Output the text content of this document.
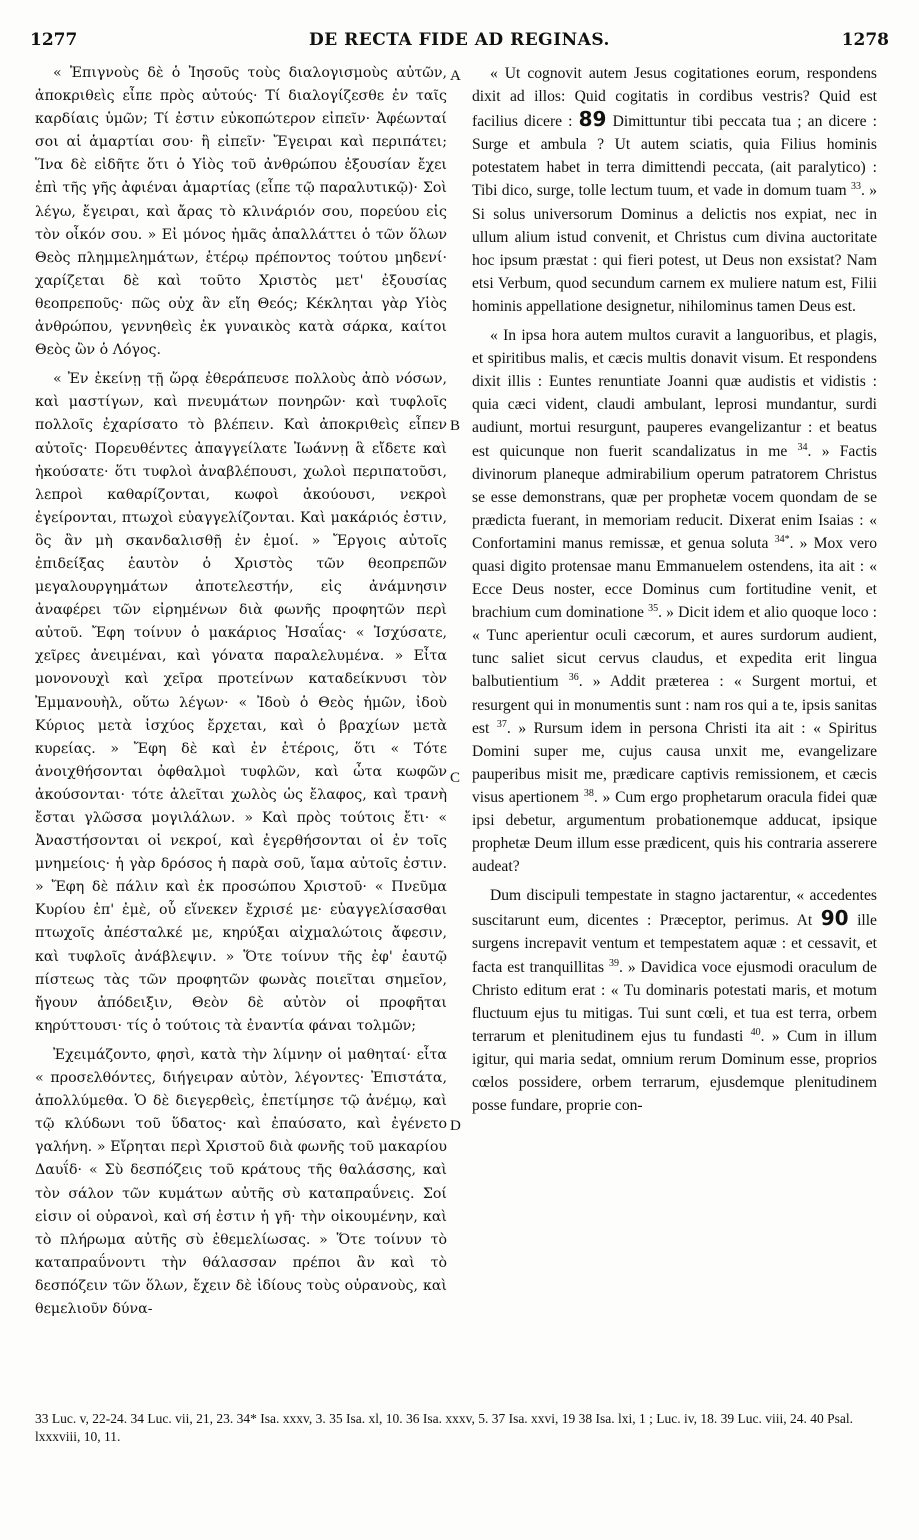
1277	DE RECTA FIDE AD REGINAS.	1278
A
B
C
D

« Ἐπιγνοὺς δὲ ὁ Ἰησοῦς τοὺς διαλογισμοὺς αὐτῶν, ἀποκριθεὶς εἶπε πρὸς αὐτούς· Τί διαλογίζεσθε ἐν ταῖς καρδίαις ὑμῶν; Τί ἐστιν εὐκοπώτερον εἰπεῖν· Ἀφέωνταί σοι αἱ ἁμαρτίαι σου· ἢ εἰπεῖν· Ἔγειραι καὶ περιπάτει; Ἵνα δὲ εἰδῆτε ὅτι ὁ Υἱὸς τοῦ ἀνθρώπου ἐξουσίαν ἔχει ἐπὶ τῆς γῆς ἀφιέναι ἁμαρτίας (εἶπε τῷ παραλυτικῷ)· Σοὶ λέγω, ἔγειραι, καὶ ἄρας τὸ κλινάριόν σου, πορεύου εἰς τὸν οἶκόν σου. » Εἰ μόνος ἡμᾶς ἀπαλλάττει ὁ τῶν ὅλων Θεὸς πλημμελημάτων, ἑτέρῳ πρέποντος τούτου μηδενί· χαρίζεται δὲ καὶ τοῦτο Χριστὸς μετ' ἐξουσίας θεοπρεποῦς· πῶς οὐχ ἂν εἴη Θεός; Κέκληται γὰρ Υἱὸς ἀνθρώπου, γεννηθεὶς ἐκ γυναικὸς κατὰ σάρκα, καίτοι Θεὸς ὢν ὁ Λόγος.

« Ἐν ἐκείνῃ τῇ ὥρᾳ ἐθεράπευσε πολλοὺς ἀπὸ νόσων, καὶ μαστίγων, καὶ πνευμάτων πονηρῶν· καὶ τυφλοῖς πολλοῖς ἐχαρίσατο τὸ βλέπειν. Καὶ ἀποκριθεὶς εἶπεν αὐτοῖς· Πορευθέντες ἀπαγγείλατε Ἰωάννῃ ἃ εἴδετε καὶ ἠκούσατε· ὅτι τυφλοὶ ἀναβλέπουσι, χωλοὶ περιπατοῦσι, λεπροὶ καθαρίζονται, κωφοὶ ἀκούουσι, νεκροὶ ἐγείρονται, πτωχοὶ εὐαγγελίζονται. Καὶ μακάριός ἐστιν, ὃς ἂν μὴ σκανδαλισθῇ ἐν ἐμοί. » Ἔργοις αὐτοῖς ἐπιδείξας ἑαυτὸν ὁ Χριστὸς τῶν θεοπρεπῶν μεγαλουργημάτων ἀποτελεστήν, εἰς ἀνάμνησιν ἀναφέρει τῶν εἰρημένων διὰ φωνῆς προφητῶν περὶ αὐτοῦ. Ἔφη τοίνυν ὁ μακάριος Ἡσαΐας· « Ἰσχύσατε, χεῖρες ἀνειμέναι, καὶ γόνατα παραλελυμένα. » Εἶτα μονονουχὶ καὶ χεῖρα προτείνων καταδείκνυσι τὸν Ἐμμανουὴλ, οὕτω λέγων· « Ἰδοὺ ὁ Θεὸς ἡμῶν, ἰδοὺ Κύριος μετὰ ἰσχύος ἔρχεται, καὶ ὁ βραχίων μετὰ κυρείας. » Ἔφη δὲ καὶ ἐν ἑτέροις, ὅτι « Τότε ἀνοιχθήσονται ὀφθαλμοὶ τυφλῶν, καὶ ὦτα κωφῶν ἀκούσονται· τότε ἁλεῖται χωλὸς ὡς ἔλαφος, καὶ τρανὴ ἔσται γλῶσσα μογιλάλων. » Καὶ πρὸς τούτοις ἔτι· « Ἀναστήσονται οἱ νεκροί, καὶ ἐγερθήσονται οἱ ἐν τοῖς μνημείοις· ἡ γὰρ δρόσος ἡ παρὰ σοῦ, ἴαμα αὐτοῖς ἐστιν. » Ἔφη δὲ πάλιν καὶ ἐκ προσώπου Χριστοῦ· « Πνεῦμα Κυρίου ἐπ' ἐμὲ, οὗ εἵνεκεν ἔχρισέ με· εὐαγγελίσασθαι πτωχοῖς ἀπέσταλκέ με, κηρύξαι αἰχμαλώτοις ἄφεσιν, καὶ τυφλοῖς ἀνάβλεψιν. » Ὅτε τοίνυν τῆς ἐφ' ἑαυτῷ πίστεως τὰς τῶν προφητῶν φωνὰς ποιεῖται σημεῖον, ἤγουν ἀπόδειξιν, Θεὸν δὲ αὐτὸν οἱ προφῆται κηρύττουσι· τίς ὁ τούτοις τὰ ἐναντία φάναι τολμῶν;

Ἐχειμάζοντο, φησὶ, κατὰ τὴν λίμνην οἱ μαθηταί· εἶτα « προσελθόντες, διήγειραν αὐτὸν, λέγοντες· Ἐπιστάτα, ἀπολλύμεθα. Ὁ δὲ διεγερθεὶς, ἐπετίμησε τῷ ἀνέμῳ, καὶ τῷ κλύδωνι τοῦ ὕδατος· καὶ ἐπαύσατο, καὶ ἐγένετο γαλήνη. » Εἴρηται περὶ Χριστοῦ διὰ φωνῆς τοῦ μακαρίου Δαυΐδ· « Σὺ δεσπόζεις τοῦ κράτους τῆς θαλάσσης, καὶ τὸν σάλον τῶν κυμάτων αὐτῆς σὺ καταπραΰνεις. Σοί εἰσιν οἱ οὐρανοὶ, καὶ σή ἐστιν ἡ γῆ· τὴν οἰκουμένην, καὶ τὸ πλήρωμα αὐτῆς σὺ ἐθεμελίωσας. » Ὅτε τοίνυν τὸ καταπραΰνοντι τὴν θάλασσαν πρέποι ἂν καὶ τὸ δεσπόζειν τῶν ὅλων, ἔχειν δὲ ἰδίους τοὺς οὐρανοὺς, καὶ θεμελιοῦν δύνα-

« Ut cognovit autem Jesus cogitationes eorum, respondens dixit ad illos: Quid cogitatis in cordibus vestris? Quid est facilius dicere : 89 Dimittuntur tibi peccata tua ; an dicere : Surge et ambula ? Ut autem sciatis, quia Filius hominis potestatem habet in terra dimittendi peccata, (ait paralytico) : Tibi dico, surge, tolle lectum tuum, et vade in domum tuam $^{33}$. » Si solus universorum Dominus a delictis nos expiat, nec in ullum alium istud convenit, et Christus cum divina auctoritate hoc ipsum præstat : qui fieri potest, ut Deus non exsistat? Nam etsi Verbum, quod secundum carnem ex muliere natum est, Filii hominis appellatione designetur, nihilominus tamen Deus est.

« In ipsa hora autem multos curavit a languoribus, et plagis, et spiritibus malis, et cæcis multis donavit visum. Et respondens dixit illis : Euntes renuntiate Joanni quæ audistis et vidistis : quia cæci vident, claudi ambulant, leprosi mundantur, surdi audiunt, mortui resurgunt, pauperes evangelizantur : et beatus est quicunque non fuerit scandalizatus in me $^{34}$. » Factis divinorum planeque admirabilium operum patratorem Christus se esse demonstrans, quæ per prophetæ vocem quondam de se prædicta fuerant, in memoriam reducit. Dixerat enim Isaias : « Confortamini manus remissæ, et genua soluta $^{34*}$. » Mox vero quasi digito protensae manu Emmanuelem ostendens, ita ait : « Ecce Deus noster, ecce Dominus cum fortitudine venit, et brachium cum dominatione $^{35}$. » Dicit idem et alio quoque loco : « Tunc aperientur oculi cæcorum, et aures surdorum audient, tunc saliet sicut cervus claudus, et expedita erit lingua balbutientium $^{36}$. » Addit præterea : « Surgent mortui, et resurgent qui in monumentis sunt : nam ros qui a te, ipsis sanitas est $^{37}$. » Rursum idem in persona Christi ita ait : « Spiritus Domini super me, cujus causa unxit me, evangelizare pauperibus misit me, prædicare captivis remissionem, et cæcis visus apertionem $^{38}$. » Cum ergo prophetarum oracula fidei quæ ipsi debetur, argumentum probationemque adducat, ipsique prophetæ Deum illum esse prædicent, quis his contraria asserere audeat?

Dum discipuli tempestate in stagno jactarentur, « accedentes suscitarunt eum, dicentes : Præceptor, perimus. At 90 ille surgens increpavit ventum et tempestatem aquæ : et cessavit, et facta est tranquillitas $^{39}$. » Davidica voce ejusmodi oraculum de Christo editum erat : « Tu dominaris potestati maris, et motum fluctuum ejus tu mitigas. Tui sunt cœli, et tua est terra, orbem terrarum et plenitudinem ejus tu fundasti $^{40}$. » Cum in illum igitur, qui maria sedat, omnium rerum Dominum esse, proprios cœlos possidere, orbem terrarum, ejusdemque plenitudinem posse fundare, proprie con-

33 Luc. v, 22-24. 34 Luc. vii, 21, 23. 34* Isa. xxxv, 3. 35 Isa. xl, 10. 36 Isa. xxxv, 5. 37 Isa. xxvi, 19 38 Isa. lxi, 1 ; Luc. iv, 18. 39 Luc. viii, 24. 40 Psal. lxxxviii, 10, 11.
